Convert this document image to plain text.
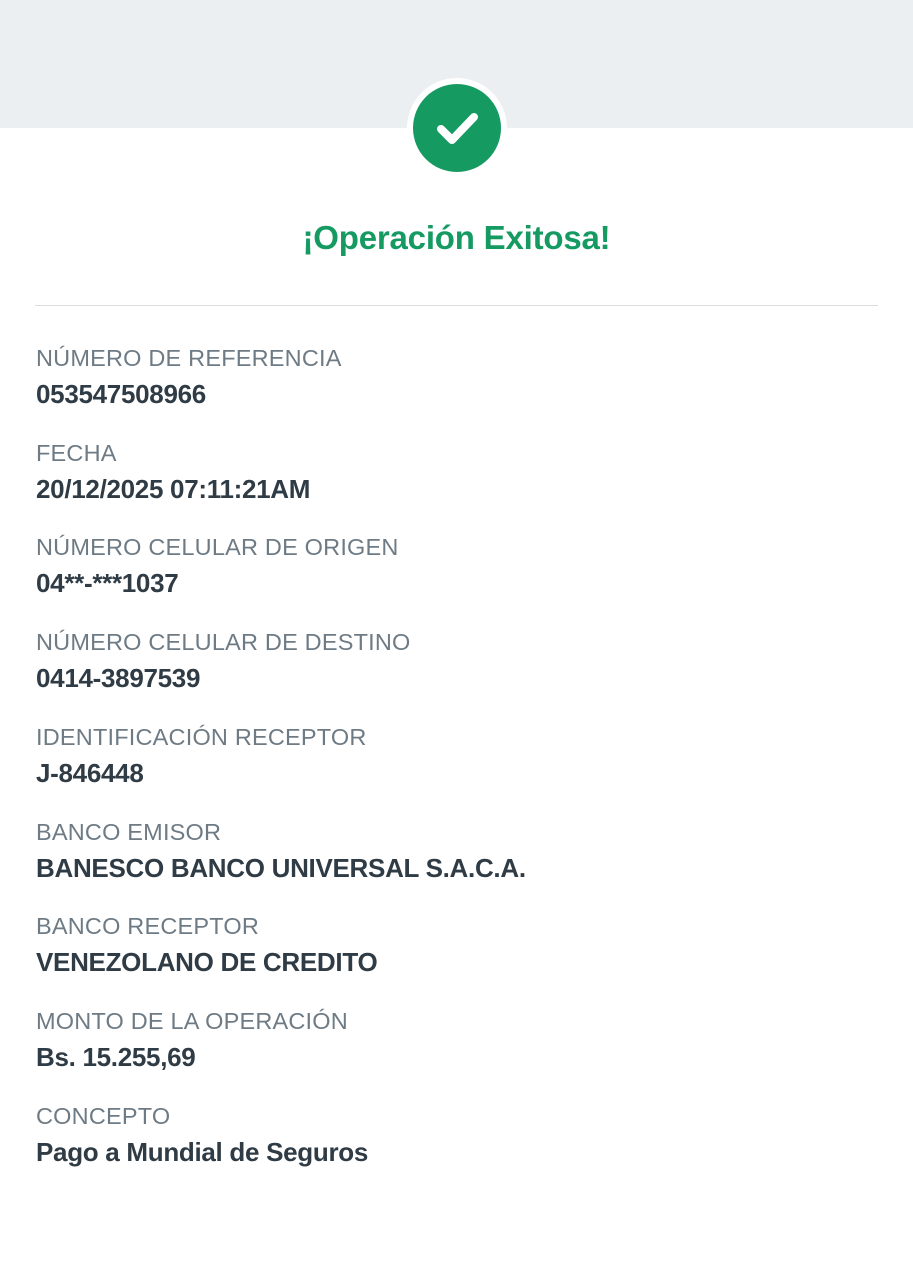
¡Operación Exitosa!
NÚMERO DE REFERENCIA
053547508966
FECHA
20/12/2025 07:11:21AM
NÚMERO CELULAR DE ORIGEN
04**-***1037
NÚMERO CELULAR DE DESTINO
0414-3897539
IDENTIFICACIÓN RECEPTOR
J-846448
BANCO EMISOR
BANESCO BANCO UNIVERSAL S.A.C.A.
BANCO RECEPTOR
VENEZOLANO DE CREDITO
MONTO DE LA OPERACIÓN
Bs. 15.255,69
CONCEPTO
Pago a Mundial de Seguros
